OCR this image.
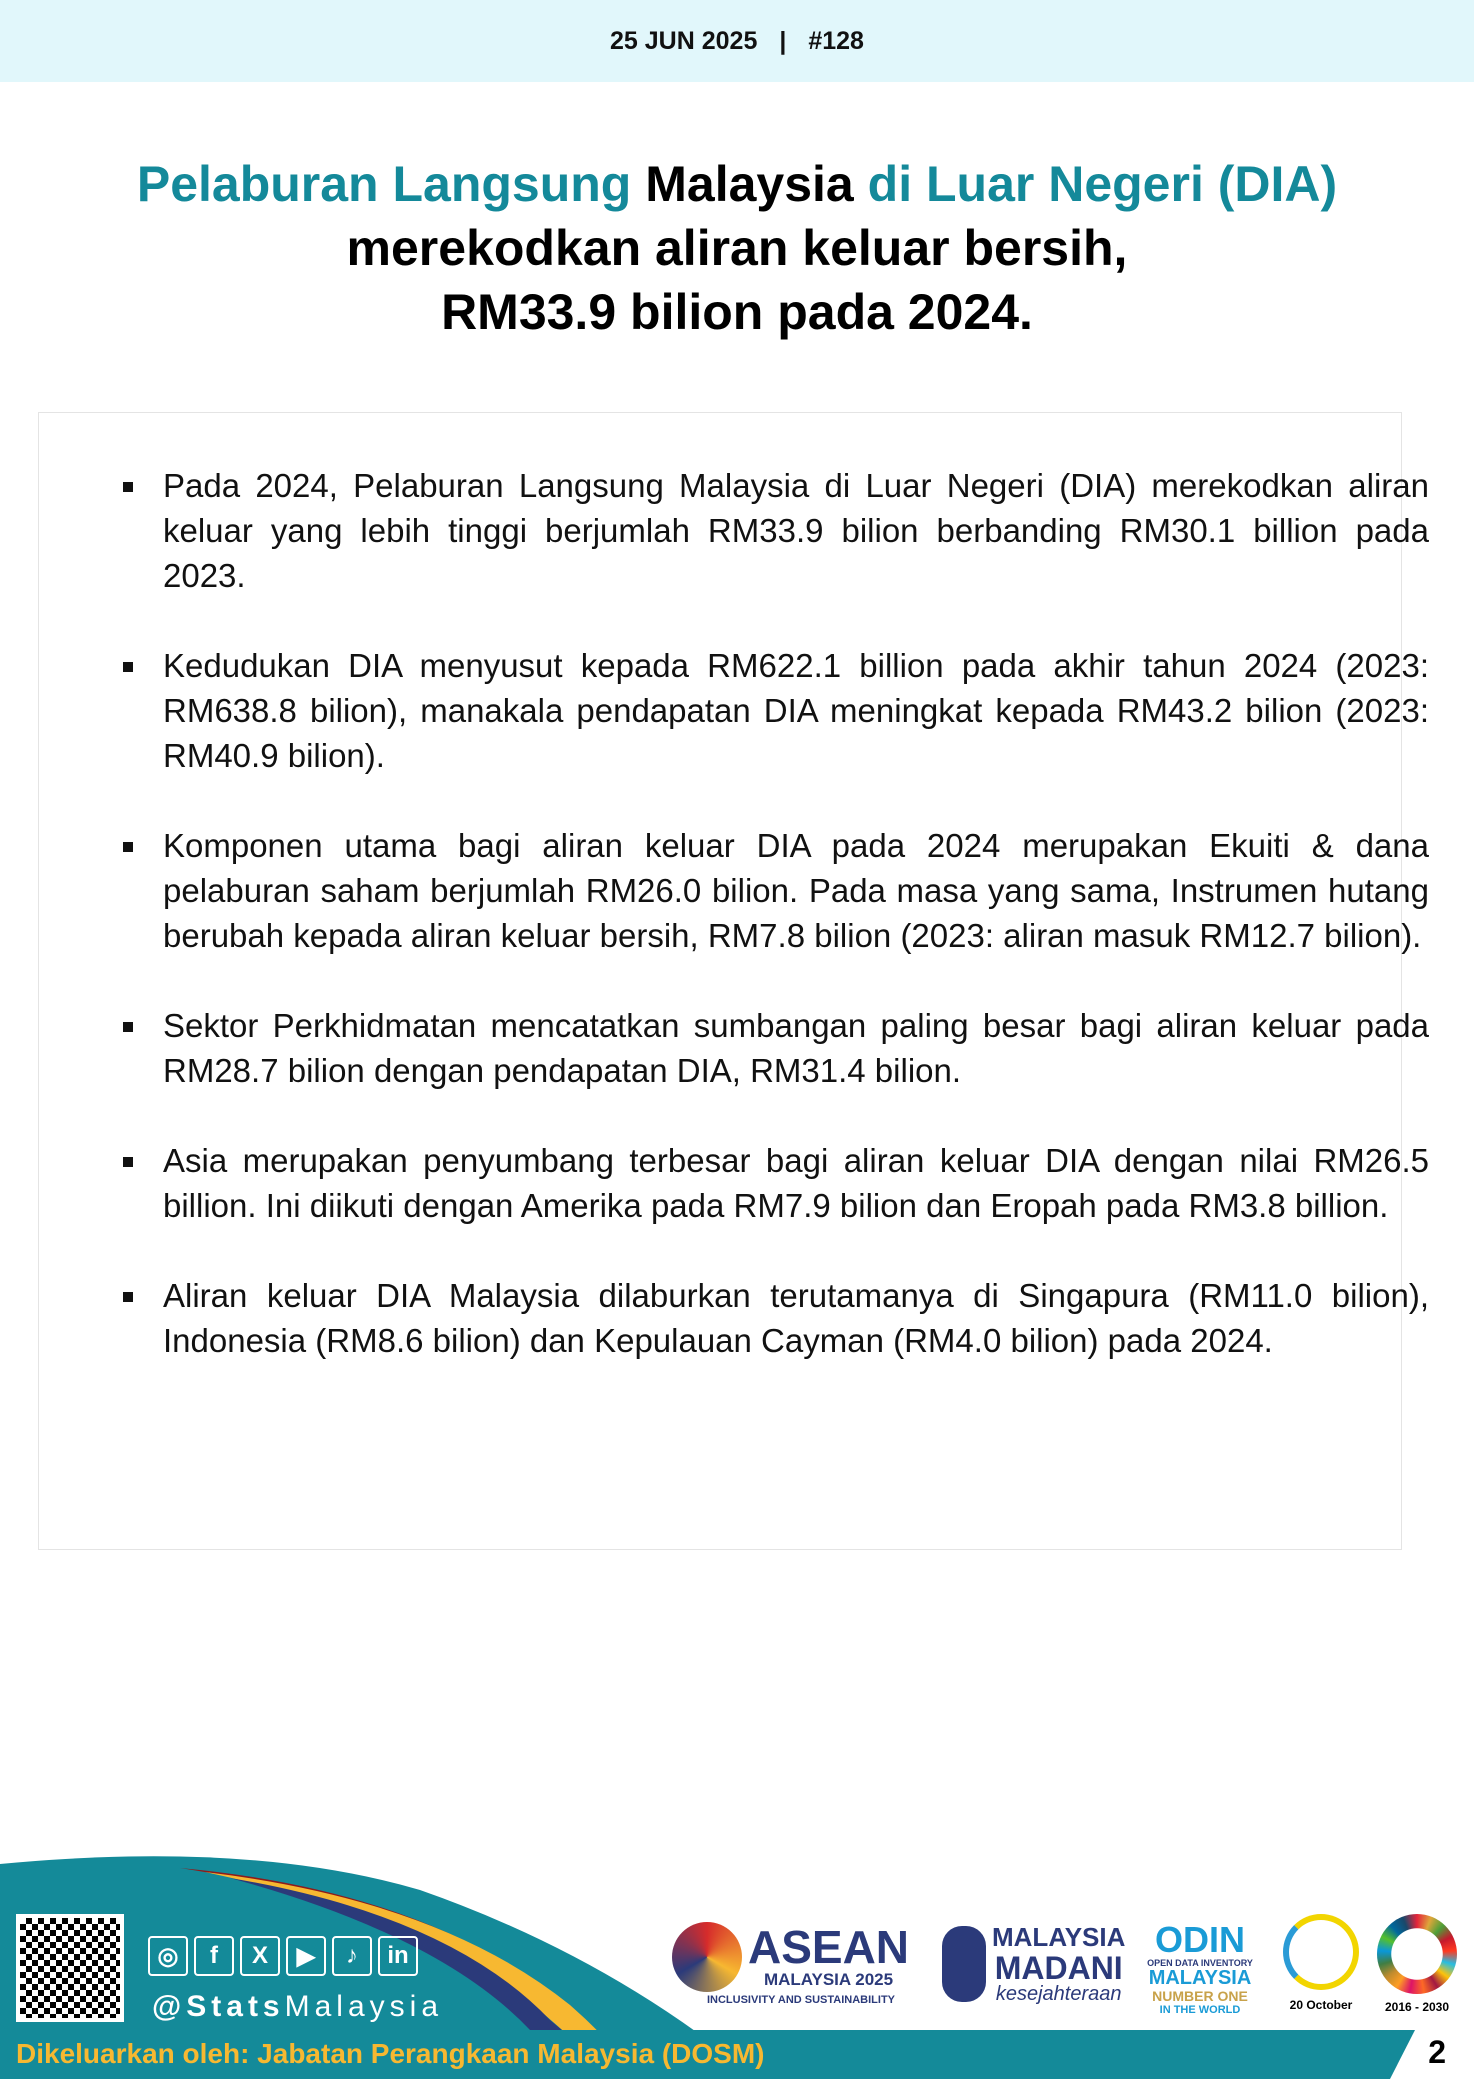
25 JUN 2025 | #128
Pelaburan Langsung Malaysia di Luar Negeri (DIA)
merekodkan aliran keluar bersih,
RM33.9 bilion pada 2024.
Pada 2024, Pelaburan Langsung Malaysia di Luar Negeri (DIA) merekodkan aliran keluar yang lebih tinggi berjumlah RM33.9 bilion berbanding RM30.1 billion pada 2023.
Kedudukan DIA menyusut kepada RM622.1 billion pada akhir tahun 2024 (2023: RM638.8 bilion), manakala pendapatan DIA meningkat kepada RM43.2 bilion (2023: RM40.9 bilion).
Komponen utama bagi aliran keluar DIA pada 2024 merupakan Ekuiti & dana pelaburan saham berjumlah RM26.0 bilion. Pada masa yang sama, Instrumen hutang berubah kepada aliran keluar bersih, RM7.8 bilion (2023: aliran masuk RM12.7 bilion).
Sektor Perkhidmatan mencatatkan sumbangan paling besar bagi aliran keluar pada RM28.7 bilion dengan pendapatan DIA, RM31.4 bilion.
Asia merupakan penyumbang terbesar bagi aliran keluar DIA dengan nilai RM26.5 billion. Ini diikuti dengan Amerika pada RM7.9 bilion dan Eropah pada RM3.8 billion.
Aliran keluar DIA Malaysia dilaburkan terutamanya di Singapura (RM11.0 bilion), Indonesia (RM8.6 bilion) dan Kepulauan Cayman (RM4.0 bilion) pada 2024.
◎	f	X	▶	♪	in
@StatsMalaysia
ASEAN
MALAYSIA 2025
INCLUSIVITY AND SUSTAINABILITY
MALAYSIA
MADANI
kesejahteraan
ODIN
OPEN DATA INVENTORY
MALAYSIA
NUMBER ONE
IN THE WORLD	20 October	2016 - 2030
Dikeluarkan oleh: Jabatan Perangkaan Malaysia (DOSM)	2
